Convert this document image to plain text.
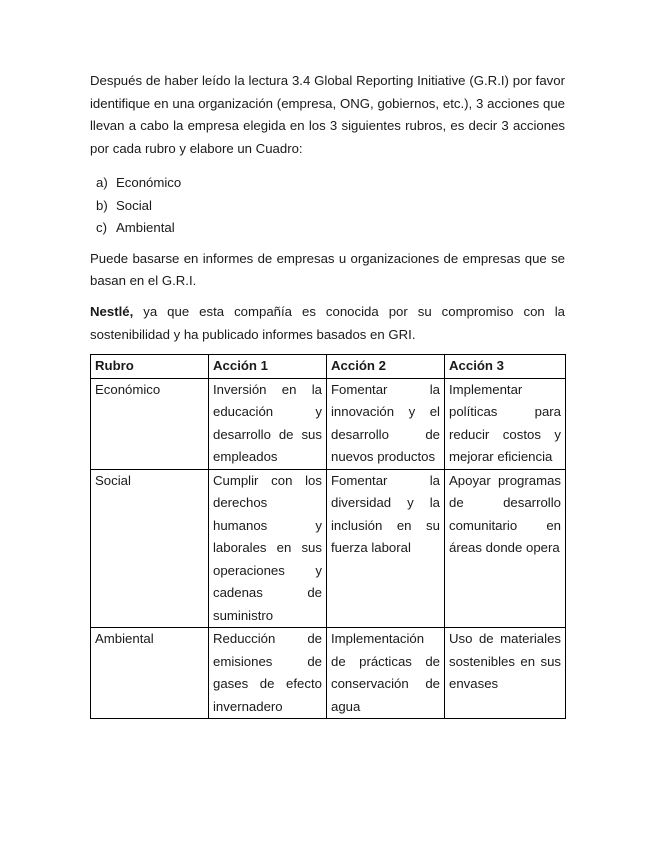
Después de haber leído la lectura 3.4 Global Reporting Initiative (G.R.I) por favor identifique en una organización (empresa, ONG, gobiernos, etc.), 3 acciones que llevan a cabo la empresa elegida en los 3 siguientes rubros, es decir 3 acciones por cada rubro y elabore un Cuadro:

a) Económico
b) Social
c) Ambiental

Puede basarse en informes de empresas u organizaciones de empresas que se basan en el G.R.I.

Nestlé, ya que esta compañía es conocida por su compromiso con la sostenibilidad y ha publicado informes basados en GRI.

Rubro	Acción 1	Acción 2	Acción 3
Económico	Inversión en la educación y desarrollo de sus empleados	Fomentar la innovación y el desarrollo de nuevos productos	Implementar políticas para reducir costos y mejorar eficiencia
Social	Cumplir con los derechos humanos y laborales en sus operaciones y cadenas de suministro	Fomentar la diversidad y la inclusión en su fuerza laboral	Apoyar programas de desarrollo comunitario en áreas donde opera
Ambiental	Reducción de emisiones de gases de efecto invernadero	Implementación de prácticas de conservación de agua	Uso de materiales sostenibles en sus envases
